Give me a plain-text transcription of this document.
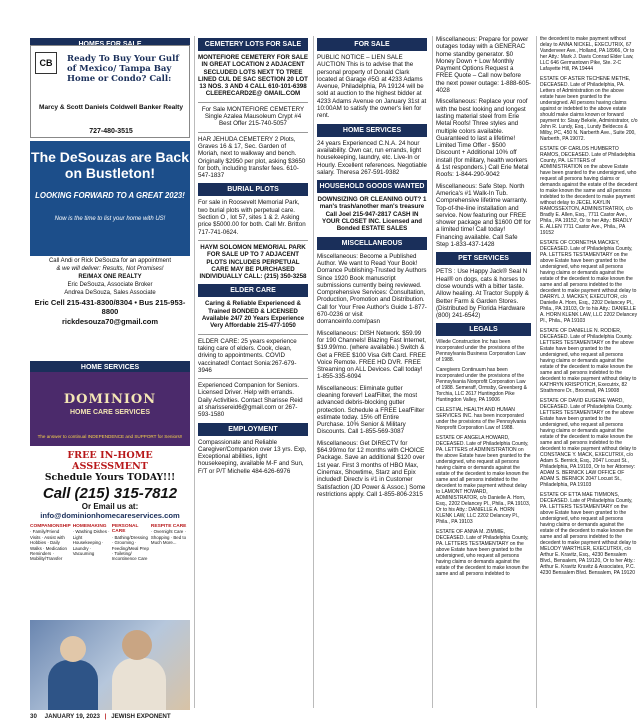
CB	Ready To Buy Your Gulf of Mexico/ Tampa Bay Home or Condo? Call:
Marcy & Scott Daniels Coldwell Banker Realty
727-480-3515
The DeSouzas are Back on Bustleton!
LOOKING FORWARD TO A GREAT 2023!
Now is the time to list your home with US!
Call Andi or Rick DeSouza for an appointment
& we will deliver: Results, Not Promises!
RE/MAX ONE REALTY
Eric DeSouza, Associate Broker
Andrea DeSouza, Sales Associate
Eric Cell 215-431-8300/8304 • Bus 215-953-8800
rickdesouza70@gmail.com
HOME SERVICES
DOMINION
HOME CARE SERVICES
The answer to continual INDEPENDENCE and SUPPORT for Seniors!!
FREE IN-HOME ASSESSMENT
Schedule Yours TODAY!!!
Call (215) 315-7812
Or Email us at:
info@dominionhomecareservices.com
COMPANIONSHIP
· Family/Friend Visits · Assist with Hobbies · Daily Walks · Medication Reminders · Mobility/Transfer
HOMEMAKING
· Washing Dishes · Light Housekeeping · Laundry · Vacuuming
PERSONAL CARE
· Bathing/Dressing · Grooming · Feeding/Meal Prep · Toileting/ Incontinence Care
RESPITE CARE
· Overnight Care · Shopping · Bed to Much More...
CEMETERY LOTS FOR SALE
MONTEFIORE CEMETERY FOR SALE IN GREAT LOCATION 2 ADJACENT SECLUDED LOTS NEXT TO TREE LINED CUL DE SAC SECTION 20 LOT 13 NOS. 3 AND 4 CALL 610-101-6398 CLEERECARD2E@ GMAIL.COM
For Sale MONTEFIORE CEMETERY Single Azalea Mausoleum Crypt #4 Best Offer 215-740-5057
HAR JEHUDA CEMETERY 2 Plots, Graves 16 & 17, Sec. Garden of Moriah, next to walkway and bench. Originally $2950 per plot, asking $3650 for both, including transfer fees. 610-547-1837
BURIAL PLOTS
For sale in Roosevelt Memorial Park, two burial plots with perpetual care. Section O , lot 57, sites 1 & 2. Asking price $5000.00 for both. Call Mr. Britton 717-741-0624.
HAYM SOLOMON MEMORIAL PARK FOR SALE UP TO 7 ADJACENT PLOTS INCLUDES PERPETUAL CARE MAY BE PURCHASED INDIVIDUALLY CALL: (215) 350-3258
ELDER CARE
Caring & Reliable Experienced & Trained BONDED & LICENSED Available 24/7 20 Years Experience Very Affordable 215-477-1050
ELDER CARE: 25 years experience taking care of elders. Cook, clean, driving to appointments. COVID vaccinated! Contact Sonia:267-679-3946
Experienced Companion for Seniors. Licensed Driver. Help with errands. Daily Activities. Contact Sharisse Reid at sharissereid6@gmail.com or 267-593-1580
EMPLOYMENT
Compassionate and Reliable Caregiver/Companion over 13 yrs. Exp, Exceptional abilities, light housekeeping, available M-F and Sun, F/T or P/T Michelle 484-626-6976
FOR SALE
PUBLIC NOTICE – LIEN SALE AUCTION This is to advise that the personal property of Donald Clark located at Garage #5G at 4233 Adams Avenue, Philadelphia, PA 19124 will be sold at auction to the highest bidder at 4233 Adams Avenue on January 31st at 10:00AM to satisfy the owner's lien for rent.
HOME SERVICES
24 years Experienced C.N.A. 24 hour availability. Own car, run errands, light housekeeping, laundry, etc. Live-In or Hourly. Excellent references. Negotiable salary. Theresa 267-591-9382
HOUSEHOLD GOODS WANTED
DOWNSIZING OR CLEANING OUT? 1 man's trash/another man's treasure Call Joel 215-947-2817 CASH IN YOUR CLOSET INC. Licensed and Bonded ESTATE SALES
MISCELLANEOUS
Miscellaneous: Become a Published Author. We want to Read Your Book! Dorrance Publishing-Trusted by Authors Since 1920 Book manuscript submissions currently being reviewed. Comprehensive Services: Consultation, Production, Promotion and Distribution. Call for Your Free Author's Guide 1-877-670-0236 or visit dorranceinfo.com/pasn
Miscellaneous: DISH Network. $59.99 for 190 Channels! Blazing Fast Internet, $19.99/mo. (where available.) Switch & Get a FREE $100 Visa Gift Card. FREE Voice Remote. FREE HD DVR. FREE Streaming on ALL Devices. Call today! 1-855-335-6094
Miscellaneous: Eliminate gutter cleaning forever! LeafFilter, the most advanced debris-blocking gutter protection. Schedule a FREE LeafFilter estimate today. 15% off Entire Purchase. 10% Senior & Military Discounts. Call 1-855-569-3087
Miscellaneous: Get DIRECTV for $64.99/mo for 12 months with CHOICE Package. Save an additional $120 over 1st year. First 3 months of HBO Max, Cinemax, Showtime, Starz and Epix included! Directv is #1 in Customer Satisfaction (JD Power & Assoc.) Some restrictions apply. Call 1-855-806-2315
Miscellaneous: Prepare for power outages today with a GENERAC home standby generator. $0 Money Down + Low Monthly Payment Options Request a FREE Quote – Call now before the next power outage: 1-888-605-4028
Miscellaneous: Replace your roof with the best looking and longest lasting material steel from Erie Metal Roofs! Three styles and multiple colors available. Guaranteed to last a lifetime! Limited Time Offer - $500 Discount + Additional 10% off install (for military, health workers & 1st responders.) Call Erie Metal Roofs: 1-844-290-9042
Miscellaneous: Safe Step. North America's #1 Walk-In Tub. Comprehensive lifetime warranty. Top-of-the-line installation and service. Now featuring our FREE shower package and $1600 Off for a limited time! Call today! Financing available. Call Safe Step 1-833-437-1428
PET SERVICES
PETS : Use Happy Jack® Seal N Heal® on dogs, cats & horses to close wounds with a bitter taste. Allow healing. At Tractor Supply & Better Farm & Garden Stores. (Distributed by Florida Hardware (800) 241-6542)
LEGALS
Villede Construction Inc has been incorporated under the provisions of the Pennsylvania Business Corporation Law of 1988.
Caregivers Continuum has been incorporated under the provisions of the Pennsylvania Nonprofit Corporation Law of 1988. Semeraff, Ormsby, Greenberg & Torchia, LLC 2617 Huntingdon Pike Huntingdon Valley, PA 19006
CELESTIAL HEALTH AND HUMAN SERVICES INC. has been incorporated under the provisions of the Pennsylvania Nonprofit Corporation Law of 1988.
ESTATE OF ANGELA HOWARD, DECEASED. Late of Philadelphia County, PA. LETTERS of ADMINISTRATION on the above Estate have been granted to the undersigned, who request all persons having claims or demands against the estate of the decedent to make known the same and all persons indebted to the decedent to make payment without delay to LAMONT HOWARD, ADMINISTRATOR, c/o Danielle A. Horn, Esq., 2202 Delancey Pl., Phila., PA 19103, Or to his Atty.: DANIELLE A. HORN KLENK LAW, LLC 2202 Delancey Pl., Phila., PA 19103
ESTATE OF ANNA M. ZIMMIE, DECEASED. Late of Philadelphia County, PA. LETTERS TESTAMENTARY on the above Estate have been granted to the undersigned, who request all persons having claims or demands against the estate of the decedent to make known the same and all persons indebted to
the decedent to make payment without delay to ANNA NICKEL, EXECUTRIX, 67 Vanderveer Ave., Holland, PA 18966, Or to her Atty.: Mark J. Davis Conrad Elder Law, LLC 646 Germantown Pike, Ste. 2-C Lafayette Hill, PA 19444
ESTATE OF ASTER TECHENE METHE, DECEASED. Late of Philadelphia, PA. Letters of Administration on the above estate have been granted to the undersigned. All persons having claims against or indebted to the above estate should make claims known or forward payment to: Sisay Bekele, Administrator, c/o John R. Lundy, Esq., Lundy Beldecos & Milby, PC, 450 N. Narberth Ave., Suite 200, Narberth, PA 19072.
ESTATE OF CARLOS HUMBERTO RAMOS, DECEASED. Late of Philadelphia County, PA. LETTERS of ADMINISTRATION on the above Estate have been granted to the undersigned, who request all persons having claims or demands against the estate of the decedent to make known the same and all persons indebted to the decedent to make payment without delay to JECEL KAYLIN RAMOSSEXTON, ADMINISTRATRIX, c/o Bradly E. Allen, Esq., 7711 Castor Ave., Phila., PA 19152, Or to her Atty.: BRADLY E. ALLEN 7711 Castor Ave., Phila., PA 19152
ESTATE OF CORNETHA MACKEY, DECEASED. Late of Philadelphia County, PA. LETTERS TESTAMENTARY on the above Estate have been granted to the undersigned, who request all persons having claims or demands against the estate of the decedent to make known the same and all persons indebted to the decedent to make payment without delay to DARRYL J. MACKEY, EXECUTOR, c/o Danielle A. Horn, Esq., 2202 Delancey Pl., Phila., PA 19103, Or to his Atty.: DANIELLE A. HORN KLENK LAW, LLC 2202 Delancey Pl., Phila., PA 19103
ESTATE OF DANIELLE N. RODIER, DECEASED. Late of Philadelphia County. LETTERS TESTAMENTARY on the above Estate have been granted to the undersigned, who request all persons having claims or demands against the estate of the decedent to make known the same and all persons indebted to the decedent to make payment without delay to KATHRYN KRISPOTICH, Executrix, 82 Strathmore Dr., Broomall, PA 19008
ESTATE OF DAVID EUGENE WARD, DECEASED. Late of Philadelphia County. LETTERS TESTAMENTARY on the above Estate have been granted to the undersigned, who request all persons having claims or demands against the estate of the decedent to make known the same and all persons indebted to the decedent to make payment without delay to CONSTANCE Y. MACK, EXECUTRIX, c/o Adam S. Bernick, Esq., 2047 Locust St., Philadelphia, PA 19103, Or to her Attorney: ADAM S. BERNICK LAW OFFICE OF ADAM S. BERNICK 2047 Locust St., Philadelphia, PA 19103
ESTATE OF ETTA MAE TIMMONS, DECEASED. Late of Philadelphia County, PA. LETTERS TESTAMENTARY on the above Estate have been granted to the undersigned, who request all persons having claims or demands against the estate of the decedent to make known the same and all persons indebted to the decedent to make payment without delay to MELODY WARTHLER, EXECUTRIX, c/o Arthur E. Kravitz, Esq., 4230 Bensalem Blvd., Bensalem, PA 19120, Or to her Atty.: Arthur E. Kravitz Kravitz & Associates, P.C. 4230 Bensalem Blvd. Bensalem, PA 19120
30 JANUARY 19, 2023 | JEWISH EXPONENT
